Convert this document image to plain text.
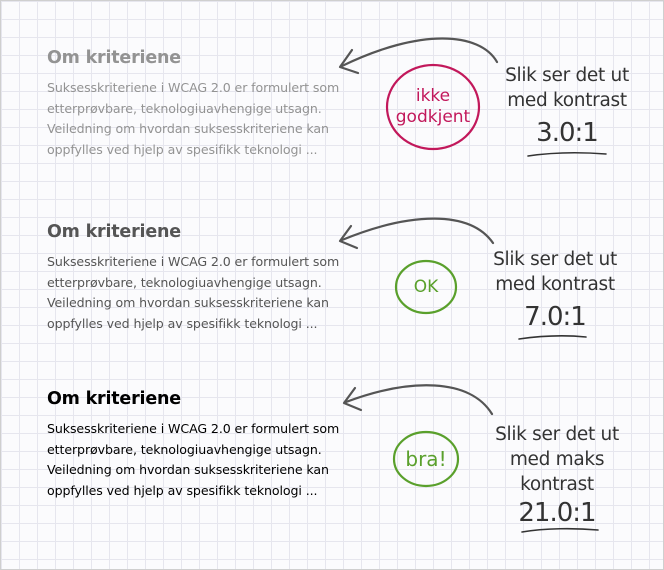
Om kriteriene

Suksesskriteriene i WCAG 2.0 er formulert som
etterprøvbare, teknologiuavhengige utsagn.
Veiledning om hvordan suksesskriteriene kan
oppfylles ved hjelp av spesifikk teknologi ...

ikke
godkjent
Slik ser det ut
med kontrast
3.0:1
Om kriteriene

Suksesskriteriene i WCAG 2.0 er formulert som
etterprøvbare, teknologiuavhengige utsagn.
Veiledning om hvordan suksesskriteriene kan
oppfylles ved hjelp av spesifikk teknologi ...

OK
Slik ser det ut
med kontrast
7.0:1
Om kriteriene

Suksesskriteriene i WCAG 2.0 er formulert som
etterprøvbare, teknologiuavhengige utsagn.
Veiledning om hvordan suksesskriteriene kan
oppfylles ved hjelp av spesifikk teknologi ...

bra!
Slik ser det ut
med maks
kontrast
21.0:1
